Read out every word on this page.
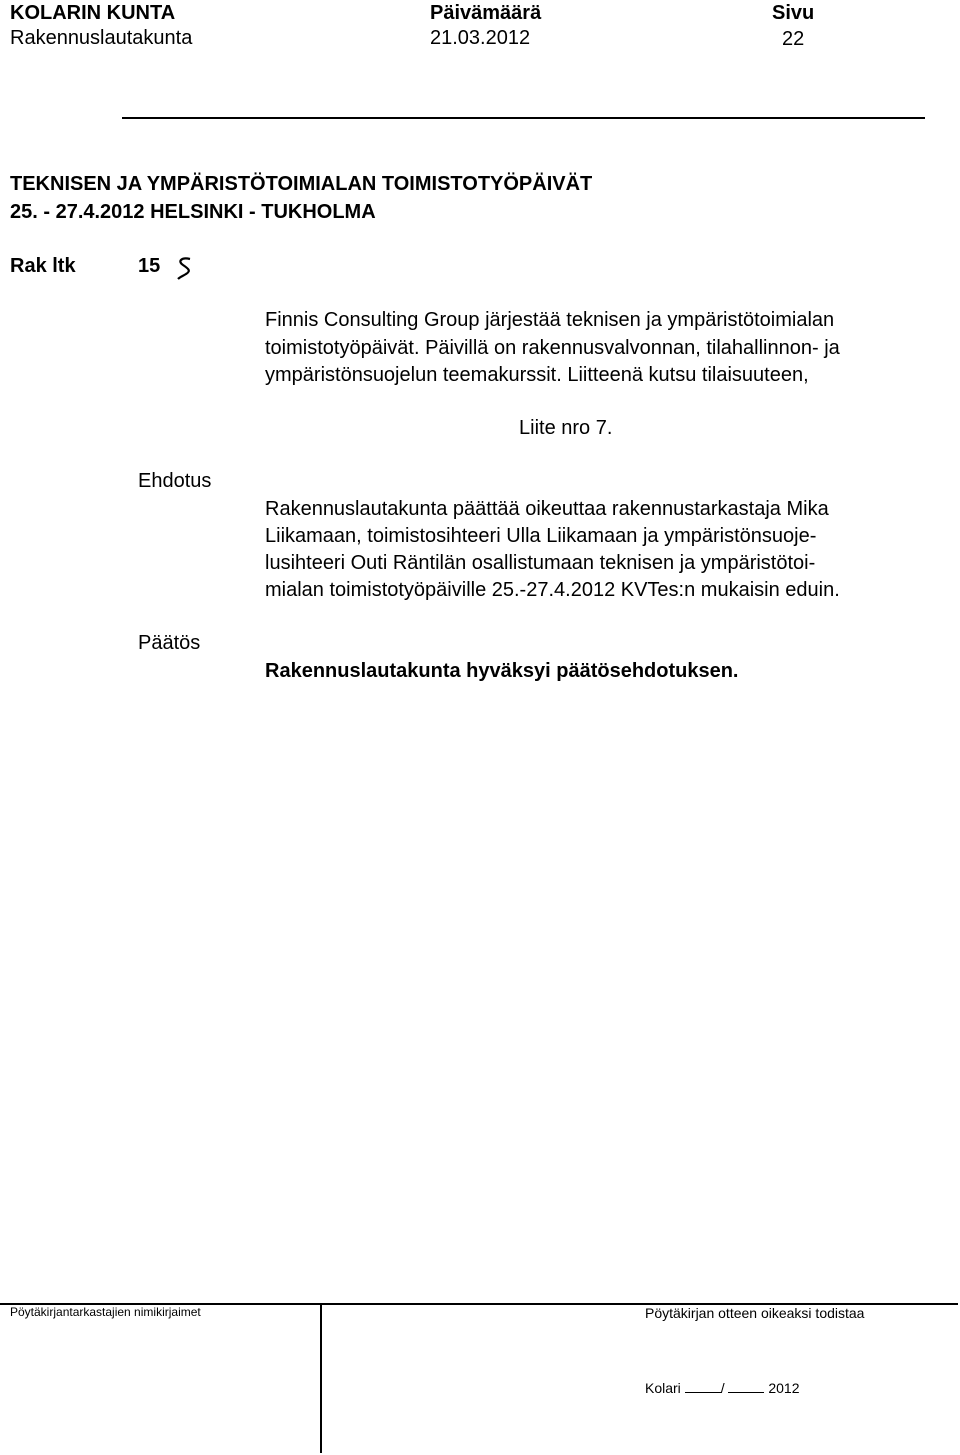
KOLARIN KUNTA
Rakennuslautakunta
Päivämäärä
21.03.2012
Sivu
22
TEKNISEN JA YMPÄRISTÖTOIMIALAN TOIMISTOTYÖPÄIVÄT
25. - 27.4.2012 HELSINKI - TUKHOLMA
Rak ltk	15
Finnis Consulting Group järjestää teknisen ja ympäristötoimialan
toimistotyöpäivät. Päivillä on rakennusvalvonnan, tilahallinnon- ja
ympäristönsuojelun teemakurssit. Liitteenä kutsu tilaisuuteen,
Liite nro 7.
Ehdotus
Rakennuslautakunta päättää oikeuttaa rakennustarkastaja Mika
Liikamaan, toimistosihteeri Ulla Liikamaan ja ympäristönsuoje-
lusihteeri Outi Räntilän osallistumaan teknisen ja ympäristötoi-
mialan toimistotyöpäiville 25.-27.4.2012 KVTes:n mukaisin eduin.
Päätös
Rakennuslautakunta hyväksyi päätösehdotuksen.
Pöytäkirjantarkastajien nimikirjaimet	Pöytäkirjan otteen oikeaksi todistaa
Kolari	/	2012
